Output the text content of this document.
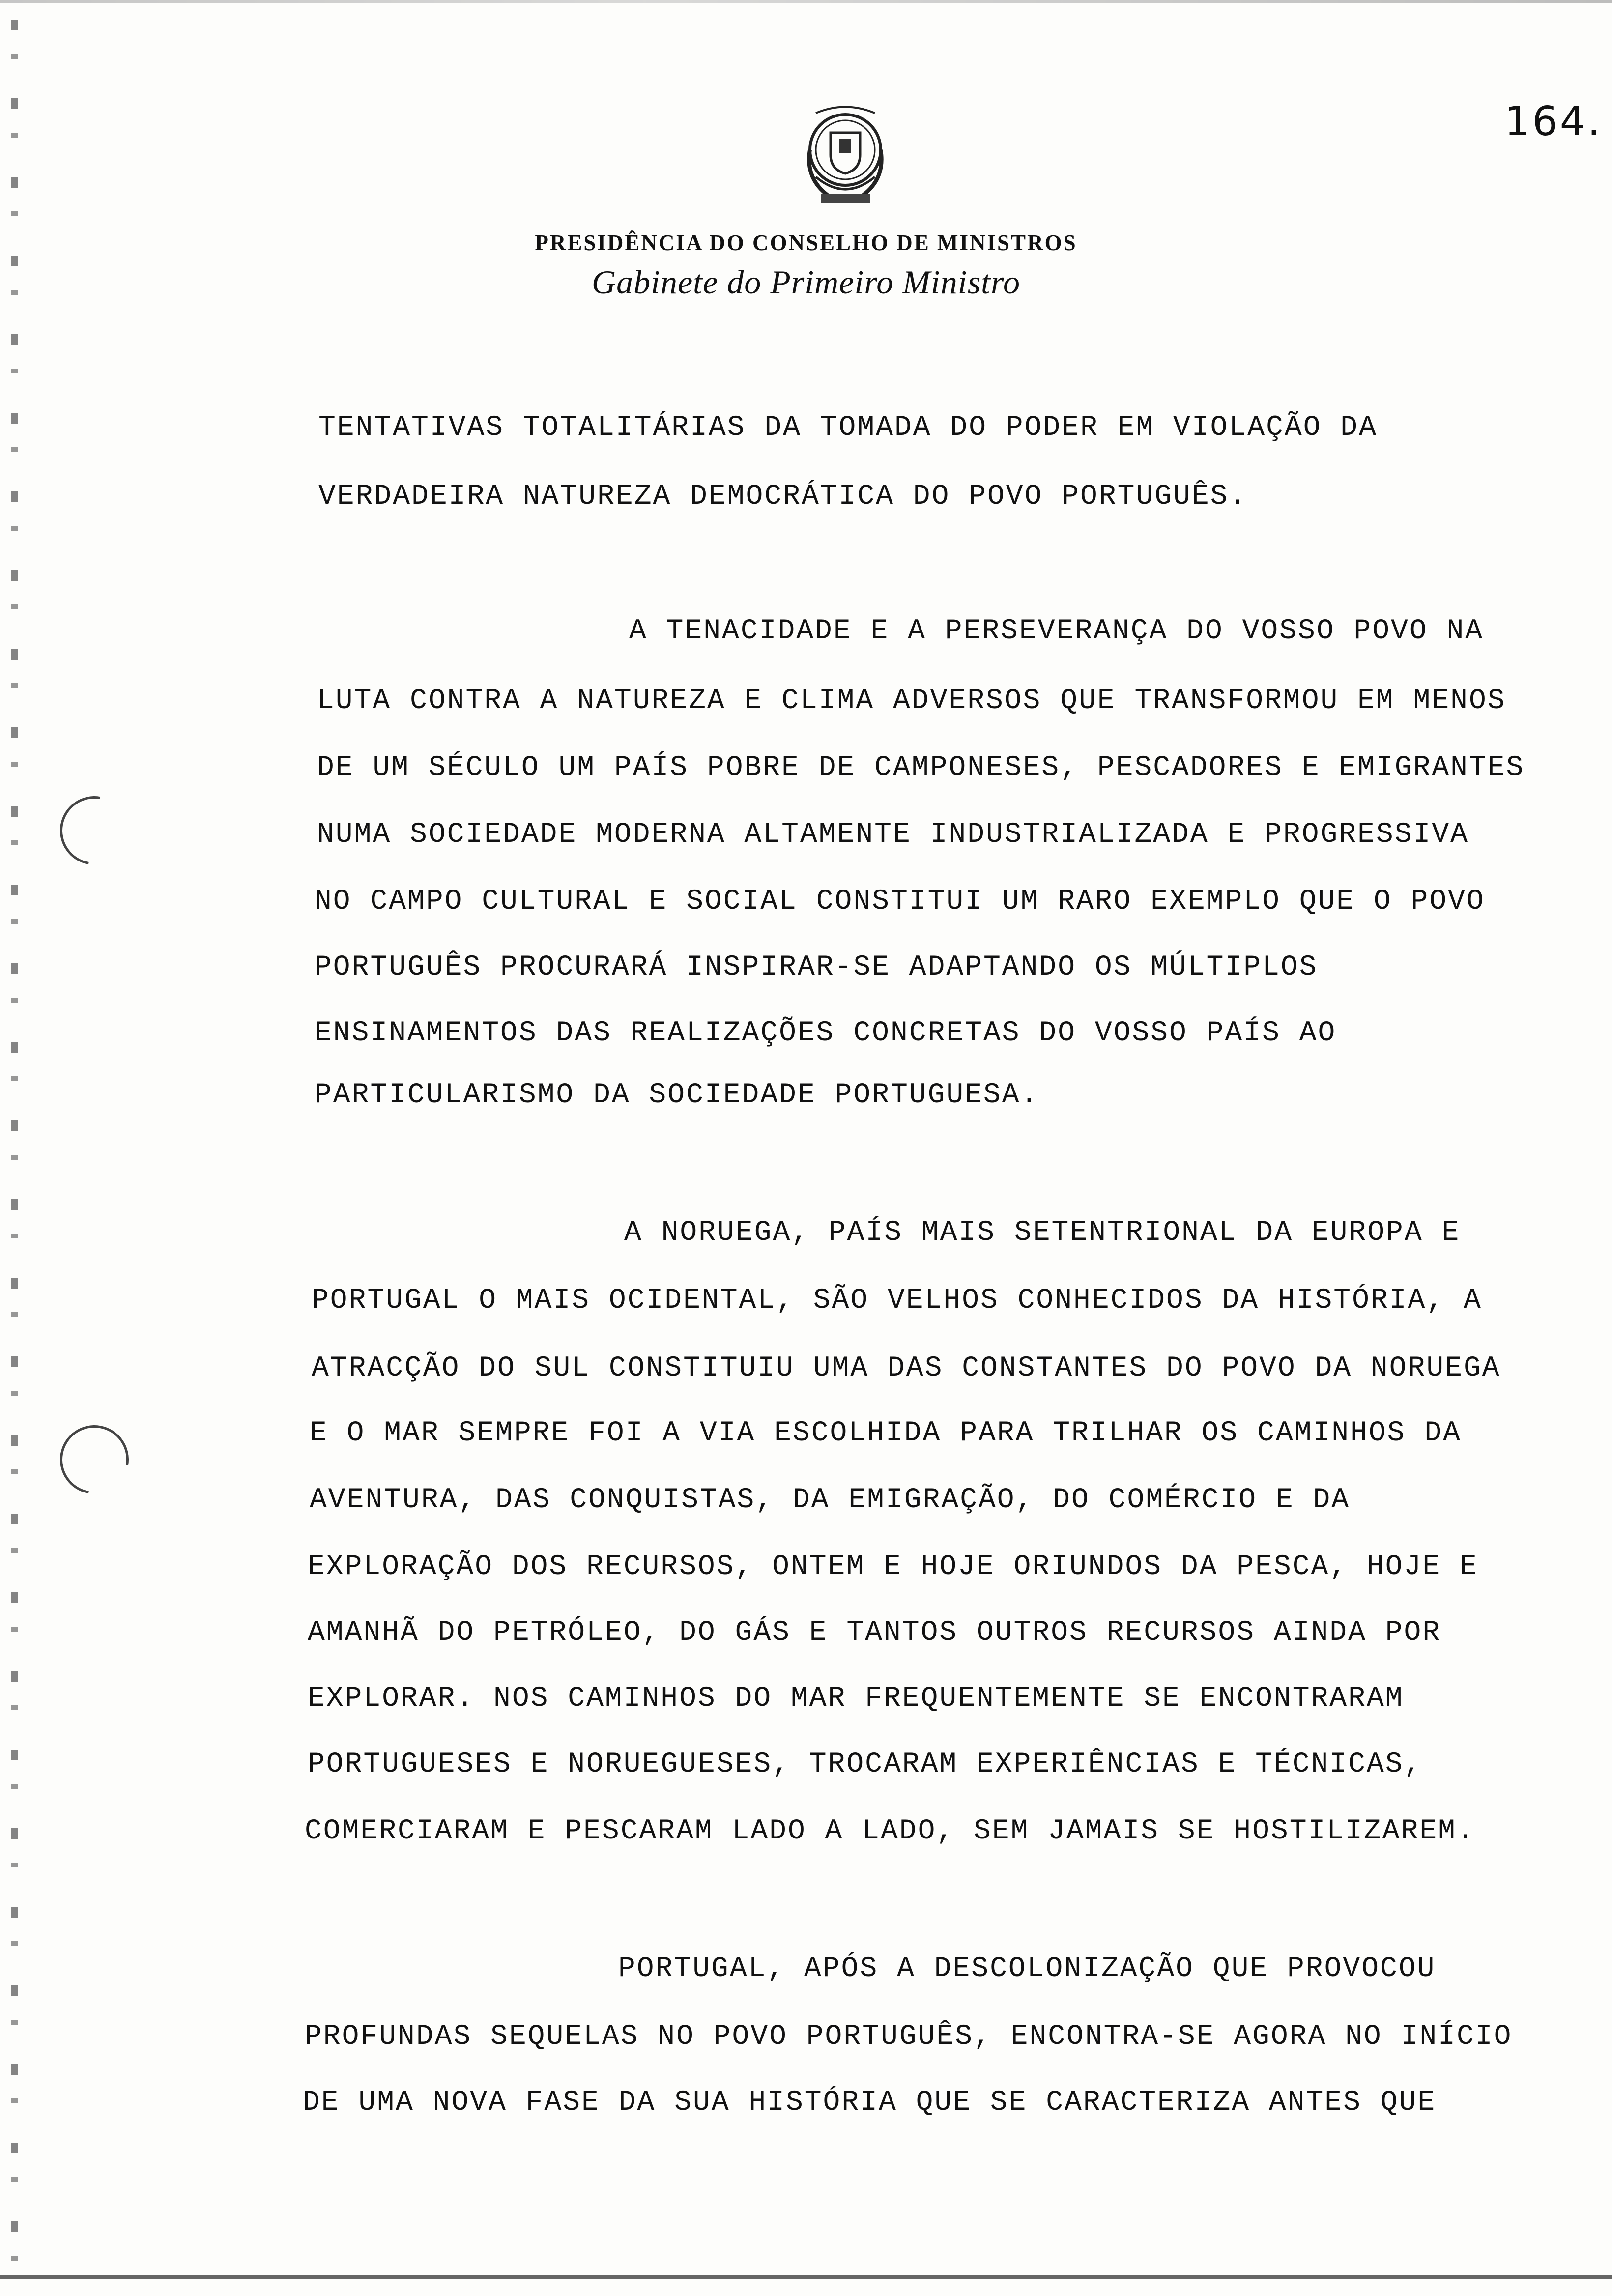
164.
PRESIDÊNCIA DO CONSELHO DE MINISTROS
Gabinete do Primeiro Ministro
TENTATIVAS TOTALITÁRIAS DA TOMADA DO PODER EM VIOLAÇÃO DA
VERDADEIRA NATUREZA DEMOCRÁTICA DO POVO PORTUGUÊS.
A TENACIDADE E A PERSEVERANÇA DO VOSSO POVO NA
LUTA CONTRA A NATUREZA E CLIMA ADVERSOS QUE TRANSFORMOU EM MENOS
DE UM SÉCULO UM PAÍS POBRE DE CAMPONESES, PESCADORES E EMIGRANTES
NUMA SOCIEDADE MODERNA ALTAMENTE INDUSTRIALIZADA E PROGRESSIVA
NO CAMPO CULTURAL E SOCIAL CONSTITUI UM RARO EXEMPLO QUE O POVO
PORTUGUÊS PROCURARÁ INSPIRAR-SE ADAPTANDO OS MÚLTIPLOS
ENSINAMENTOS DAS REALIZAÇÕES CONCRETAS DO VOSSO PAÍS AO
PARTICULARISMO DA SOCIEDADE PORTUGUESA.
A NORUEGA, PAÍS MAIS SETENTRIONAL DA EUROPA E
PORTUGAL O MAIS OCIDENTAL, SÃO VELHOS CONHECIDOS DA HISTÓRIA, A
ATRACÇÃO DO SUL CONSTITUIU UMA DAS CONSTANTES DO POVO DA NORUEGA
E O MAR SEMPRE FOI A VIA ESCOLHIDA PARA TRILHAR OS CAMINHOS DA
AVENTURA, DAS CONQUISTAS, DA EMIGRAÇÃO, DO COMÉRCIO E DA
EXPLORAÇÃO DOS RECURSOS, ONTEM E HOJE ORIUNDOS DA PESCA, HOJE E
AMANHÃ DO PETRÓLEO, DO GÁS E TANTOS OUTROS RECURSOS AINDA POR
EXPLORAR. NOS CAMINHOS DO MAR FREQUENTEMENTE SE ENCONTRARAM
PORTUGUESES E NORUEGUESES, TROCARAM EXPERIÊNCIAS E TÉCNICAS,
COMERCIARAM E PESCARAM LADO A LADO, SEM JAMAIS SE HOSTILIZAREM.
PORTUGAL, APÓS A DESCOLONIZAÇÃO QUE PROVOCOU
PROFUNDAS SEQUELAS NO POVO PORTUGUÊS, ENCONTRA-SE AGORA NO INÍCIO
DE UMA NOVA FASE DA SUA HISTÓRIA QUE SE CARACTERIZA ANTES QUE
